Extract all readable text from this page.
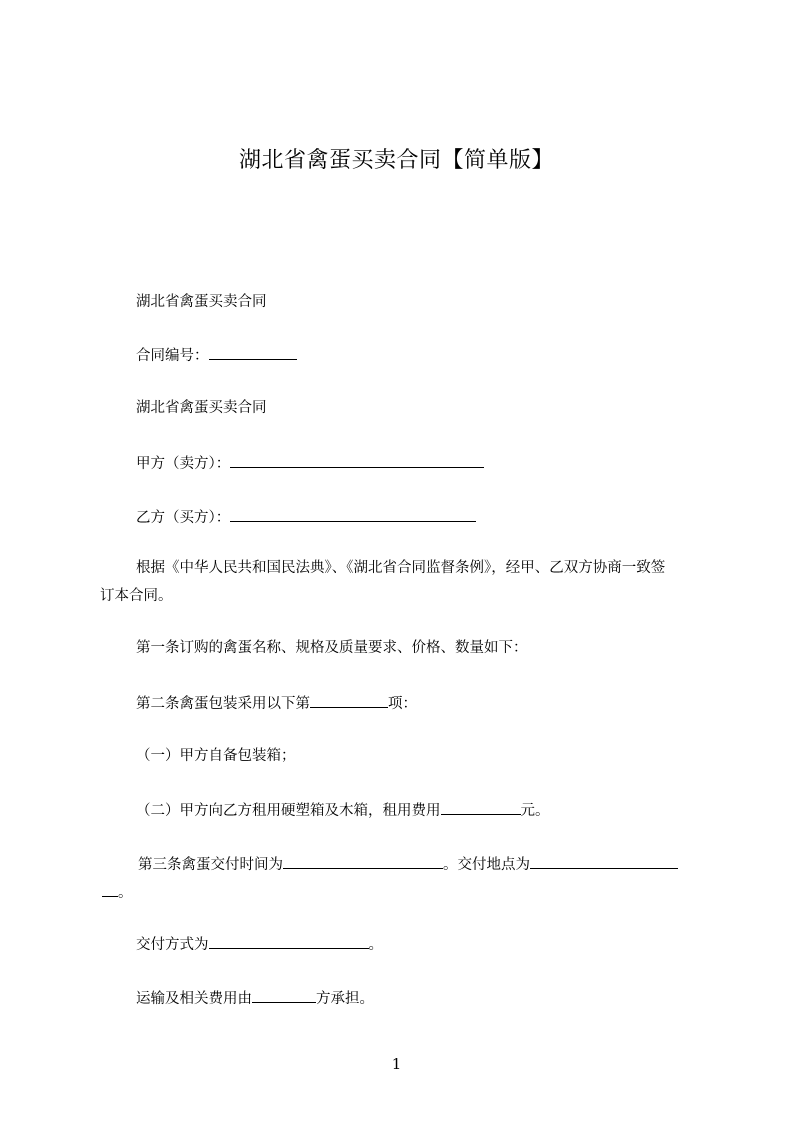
湖北省禽蛋买卖合同【简单版】
湖北省禽蛋买卖合同
合同编号：
湖北省禽蛋买卖合同
甲方（卖方）：
乙方（买方）：
根据《中华人民共和国民法典》、《湖北省合同监督条例》，经甲、乙双方协商一致签订本合同。
第一条订购的禽蛋名称、规格及质量要求、价格、数量如下：
第二条禽蛋包装采用以下第	项：
（一）甲方自备包装箱；
（二）甲方向乙方租用硬塑箱及木箱，租用费用	元。
第三条禽蛋交付时间为	。交付地点为
。
交付方式为	。
运输及相关费用由	方承担。
1
